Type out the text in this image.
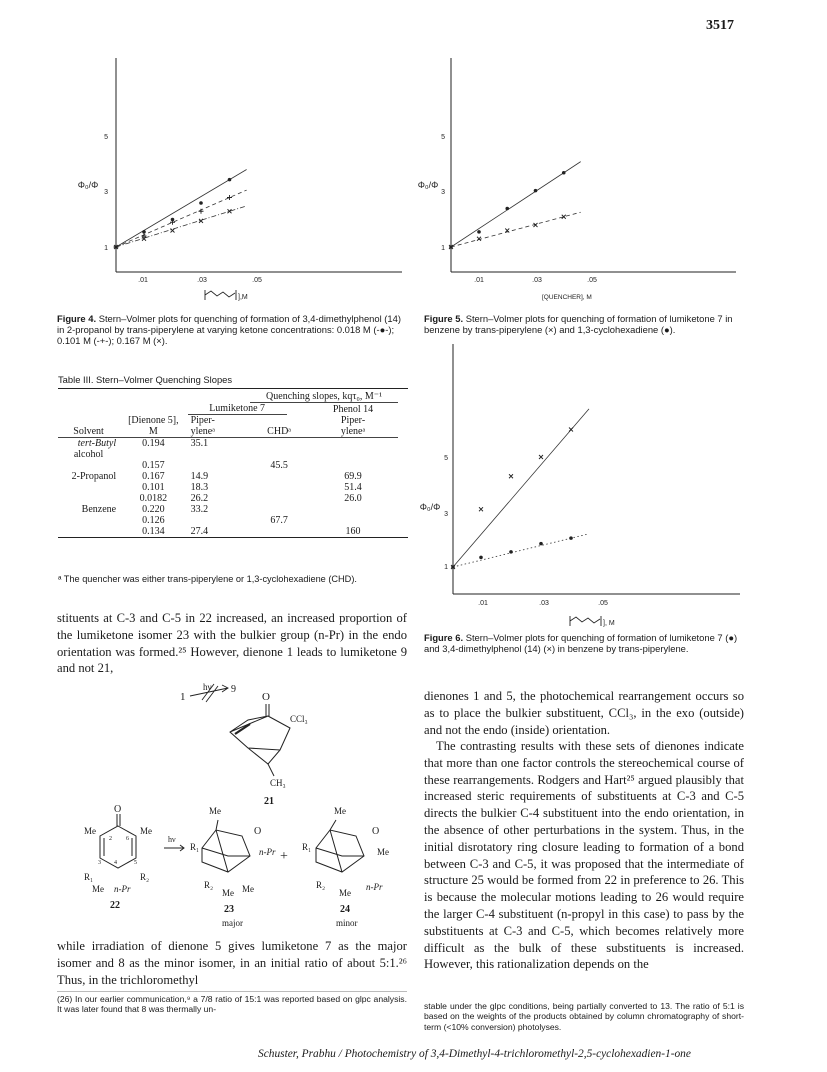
3517
1
3
5
.01	.03	.05
Φ₀/Φ
],M
Figure 4. Stern–Volmer plots for quenching of formation of 3,4-dimethylphenol (14) in 2-propanol by trans-piperylene at varying ketone concentrations: 0.018 M (-●-); 0.101 M (-+-); 0.167 M (×).
1
3
5
.01	.03	.05
Φ₀/Φ
[QUENCHER], M
Figure 5. Stern–Volmer plots for quenching of formation of lumiketone 7 in benzene by trans-piperylene (×) and 1,3-cyclohexadiene (●).
Table III. Stern–Volmer Quenching Slopes
			Quenching slopes, kqτ₀, M⁻¹		
		Lumiketone 7			Phenol 14
	[Dienone 5],	Piper-			Piper-
Solvent	M	yleneᵃ	CHDᵃ		yleneᵃ
tert-Butyl	0.194	35.1			
alcohol					
	0.157		45.5		
2-Propanol	0.167	14.9			69.9
	0.101	18.3			51.4
	0.0182	26.2			26.0
Benzene	0.220	33.2			
	0.126		67.7		
	0.134	27.4			160
ᵃ The quencher was either trans-piperylene or 1,3-cyclohexadiene (CHD).
stituents at C-3 and C-5 in 22 increased, an increased proportion of the lumiketone isomer 23 with the bulkier group (n-Pr) in the endo orientation was formed.²⁵ However, dienone 1 leads to lumiketone 9 and not 21,
1
hν 9
O
CCl₃
CH₃
21
O
Me	Me
2 6
3 4	5
R₁	R₂
Me n-Pr
22
hν
Me
O
R₁	n-Pr
R₂
Me Me
23
major
+
Me
O
R₁	Me
R₂
Me
n-Pr
24
minor
while irradiation of dienone 5 gives lumiketone 7 as the major isomer and 8 as the minor isomer, in an initial ratio of about 5:1.²⁶ Thus, in the trichloromethyl
(26) In our earlier communication,⁹ a 7/8 ratio of 15:1 was reported based on glpc analysis. It was later found that 8 was thermally un-
1
3
5
.01	.03	.05
Φ₀/Φ
], M
Figure 6. Stern–Volmer plots for quenching of formation of lumiketone 7 (●) and 3,4-dimethylphenol (14) (×) in benzene by trans-piperylene.
dienones 1 and 5, the photochemical rearrangement occurs so as to place the bulkier substituent, CCl₃, in the exo (outside) and not the endo (inside) orientation.
The contrasting results with these sets of dienones indicate that more than one factor controls the stereochemical course of these rearrangements. Rodgers and Hart²⁵ argued plausibly that increased steric requirements of substituents at C-3 and C-5 directs the bulkier C-4 substituent into the endo orientation, in the absence of other perturbations in the system. Thus, in the initial disrotatory ring closure leading to formation of a bond between C-3 and C-5, it was proposed that the intermediate of structure 25 would be formed from 22 in preference to 26. This is because the molecular motions leading to 26 would require the larger C-4 substituent (n-propyl in this case) to pass by the substituents at C-3 and C-5, which becomes relatively more difficult as the bulk of these substituents is increased. However, this rationalization depends on the
stable under the glpc conditions, being partially converted to 13. The ratio of 5:1 is based on the weights of the products obtained by column chromatography of short-term (<10% conversion) photolyses.
Schuster, Prabhu / Photochemistry of 3,4-Dimethyl-4-trichloromethyl-2,5-cyclohexadien-1-one
